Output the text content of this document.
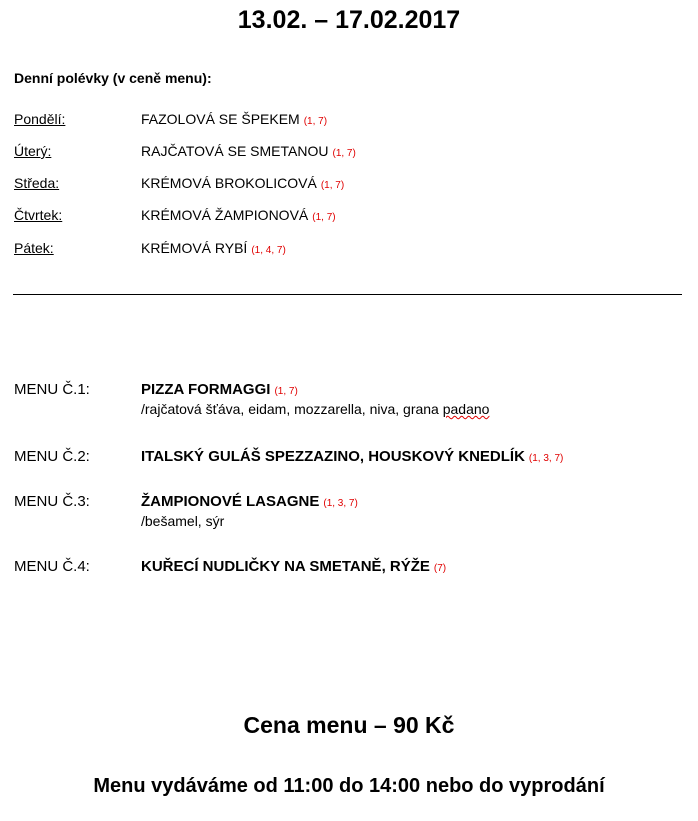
13.02. – 17.02.2017
Denní polévky (v ceně menu):
Pondělí:	FAZOLOVÁ SE ŠPEKEM (1, 7)
Úterý:	RAJČATOVÁ SE SMETANOU (1, 7)
Středa:	KRÉMOVÁ BROKOLICOVÁ (1, 7)
Čtvrtek:	KRÉMOVÁ ŽAMPIONOVÁ (1, 7)
Pátek:	KRÉMOVÁ RYBÍ (1, 4, 7)
MENU Č.1:	PIZZA FORMAGGI (1, 7)
/rajčatová šťáva, eidam, mozzarella, niva, grana padano
MENU Č.2:	ITALSKÝ GULÁŠ SPEZZAZINO, HOUSKOVÝ KNEDLÍK (1, 3, 7)
MENU Č.3:	ŽAMPIONOVÉ LASAGNE (1, 3, 7)
/bešamel, sýr
MENU Č.4:	KUŘECÍ NUDLIČKY NA SMETANĚ, RÝŽE (7)
Cena menu – 90 Kč
Menu vydáváme od 11:00 do 14:00 nebo do vyprodání
